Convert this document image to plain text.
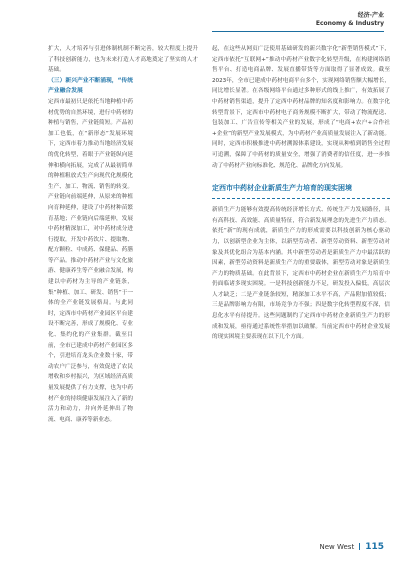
经济·产业
Economy & Industry

扩大，人才培养与引进体制机制不断完善，较大程度上提升了科技创新能力，也为未来打造人才高地奠定了坚实的人才基础。

（三）新兴产业不断涌现，“传统产业融合发展

定西市最初只是依托当地种植中药材优势的自然环境，进行中药材的种植与销售，产业链简短。产品初加工也低，在“新形态”发展环境下，定西市着力推动当地经济发展的优化转型，着眼于产业链纵向延伸和横向拓展，完成了从最初简单的种植粗放式生产向现代化规模化生产、加工、物流、销售的转变。产业链向前端延伸，从原来的种植向育种延伸，建设了中药材种苗繁育基地；产业链向后端延伸，发展中药材精深加工，对中药材成分进行提取，开发中药饮片、提取物、配方颗粒、中成药、保健品、药膳等产品。推动中药材产业与文化旅游、健康养生等产业融合发展，构建以中药材为主导的产业链条，集“种植、加工、研发、销售”于一体的全产业链发展格局。与此同时，定西市中药材产业园区平台建设不断完善，形成了规模化、专业化、集约化的产业集群。截至目前，全市已建成中药材产业园区多个，引进培育龙头企业数十家，带动农户广泛参与，有效促进了农民增收和乡村振兴，为区域经济高质量发展提供了有力支撑，也为中药材产业的持续健康发展注入了新的活力和动力，并向外延伸出了物流、电商、康养等新业态。

起，在这些从网页广泛使用基础研发的新兴数字化“新型销售模式”下，定西市依托“互联网+”推动中药材产业数字化转型升级，在构建网络销售平台、打造电商品牌、发展直播带货等方面取得了显著成效。截至2023年，全市已建成中药材电商平台多个，实现网络销售额大幅增长，同比增长显著。在各级网络平台通过多种形式的线上推广，有效拓展了中药材销售渠道，提升了定西中药材品牌的知名度和影响力。在数字化转型背景下，定西市中药材电子商务规模不断扩大，带动了物流配送、包装加工、广告宣传等相关产业的发展，形成了“电商+农户+合作社+企业”的新型产业发展模式，为中药材产业高质量发展注入了新动能。同时，定西市积极推进中药材溯源体系建设，实现从种植到销售全过程可追溯，保障了中药材的质量安全，增强了消费者的信任度，进一步推动了中药材产业向标准化、规范化、品牌化方向发展。

定西市中药材企业新质生产力培育的现实困境

新质生产力能够有效提高传统经济增长方式、传统生产力发展路径，具有高科技、高效能、高质量特征，符合新发展理念的先进生产力质态。依托“新”的现有成就，新质生产力的形成需要以科技创新为核心驱动力，以创新型企业为主体，以新型劳动者、新型劳动资料、新型劳动对象及其优化组合为基本内涵。其中新型劳动者是新质生产力中最活跃的因素，新型劳动资料是新质生产力的重要载体，新型劳动对象是新质生产力的物质基础。在此背景下，定西市中药材企业在新质生产力培育中仍面临诸多现实困境。一是科技创新能力不足，研发投入偏低，高层次人才缺乏；二是产业链条较短，精深加工水平不高，产品附加值较低；三是品牌影响力有限，市场竞争力不强；四是数字化转型程度不深，信息化水平有待提升。这些问题制约了定西市中药材企业新质生产力的形成和发展，亟待通过系统性举措加以破解。当前定西市中药材企业发展的现实困境主要表现在以下几个方面。

New West 115
